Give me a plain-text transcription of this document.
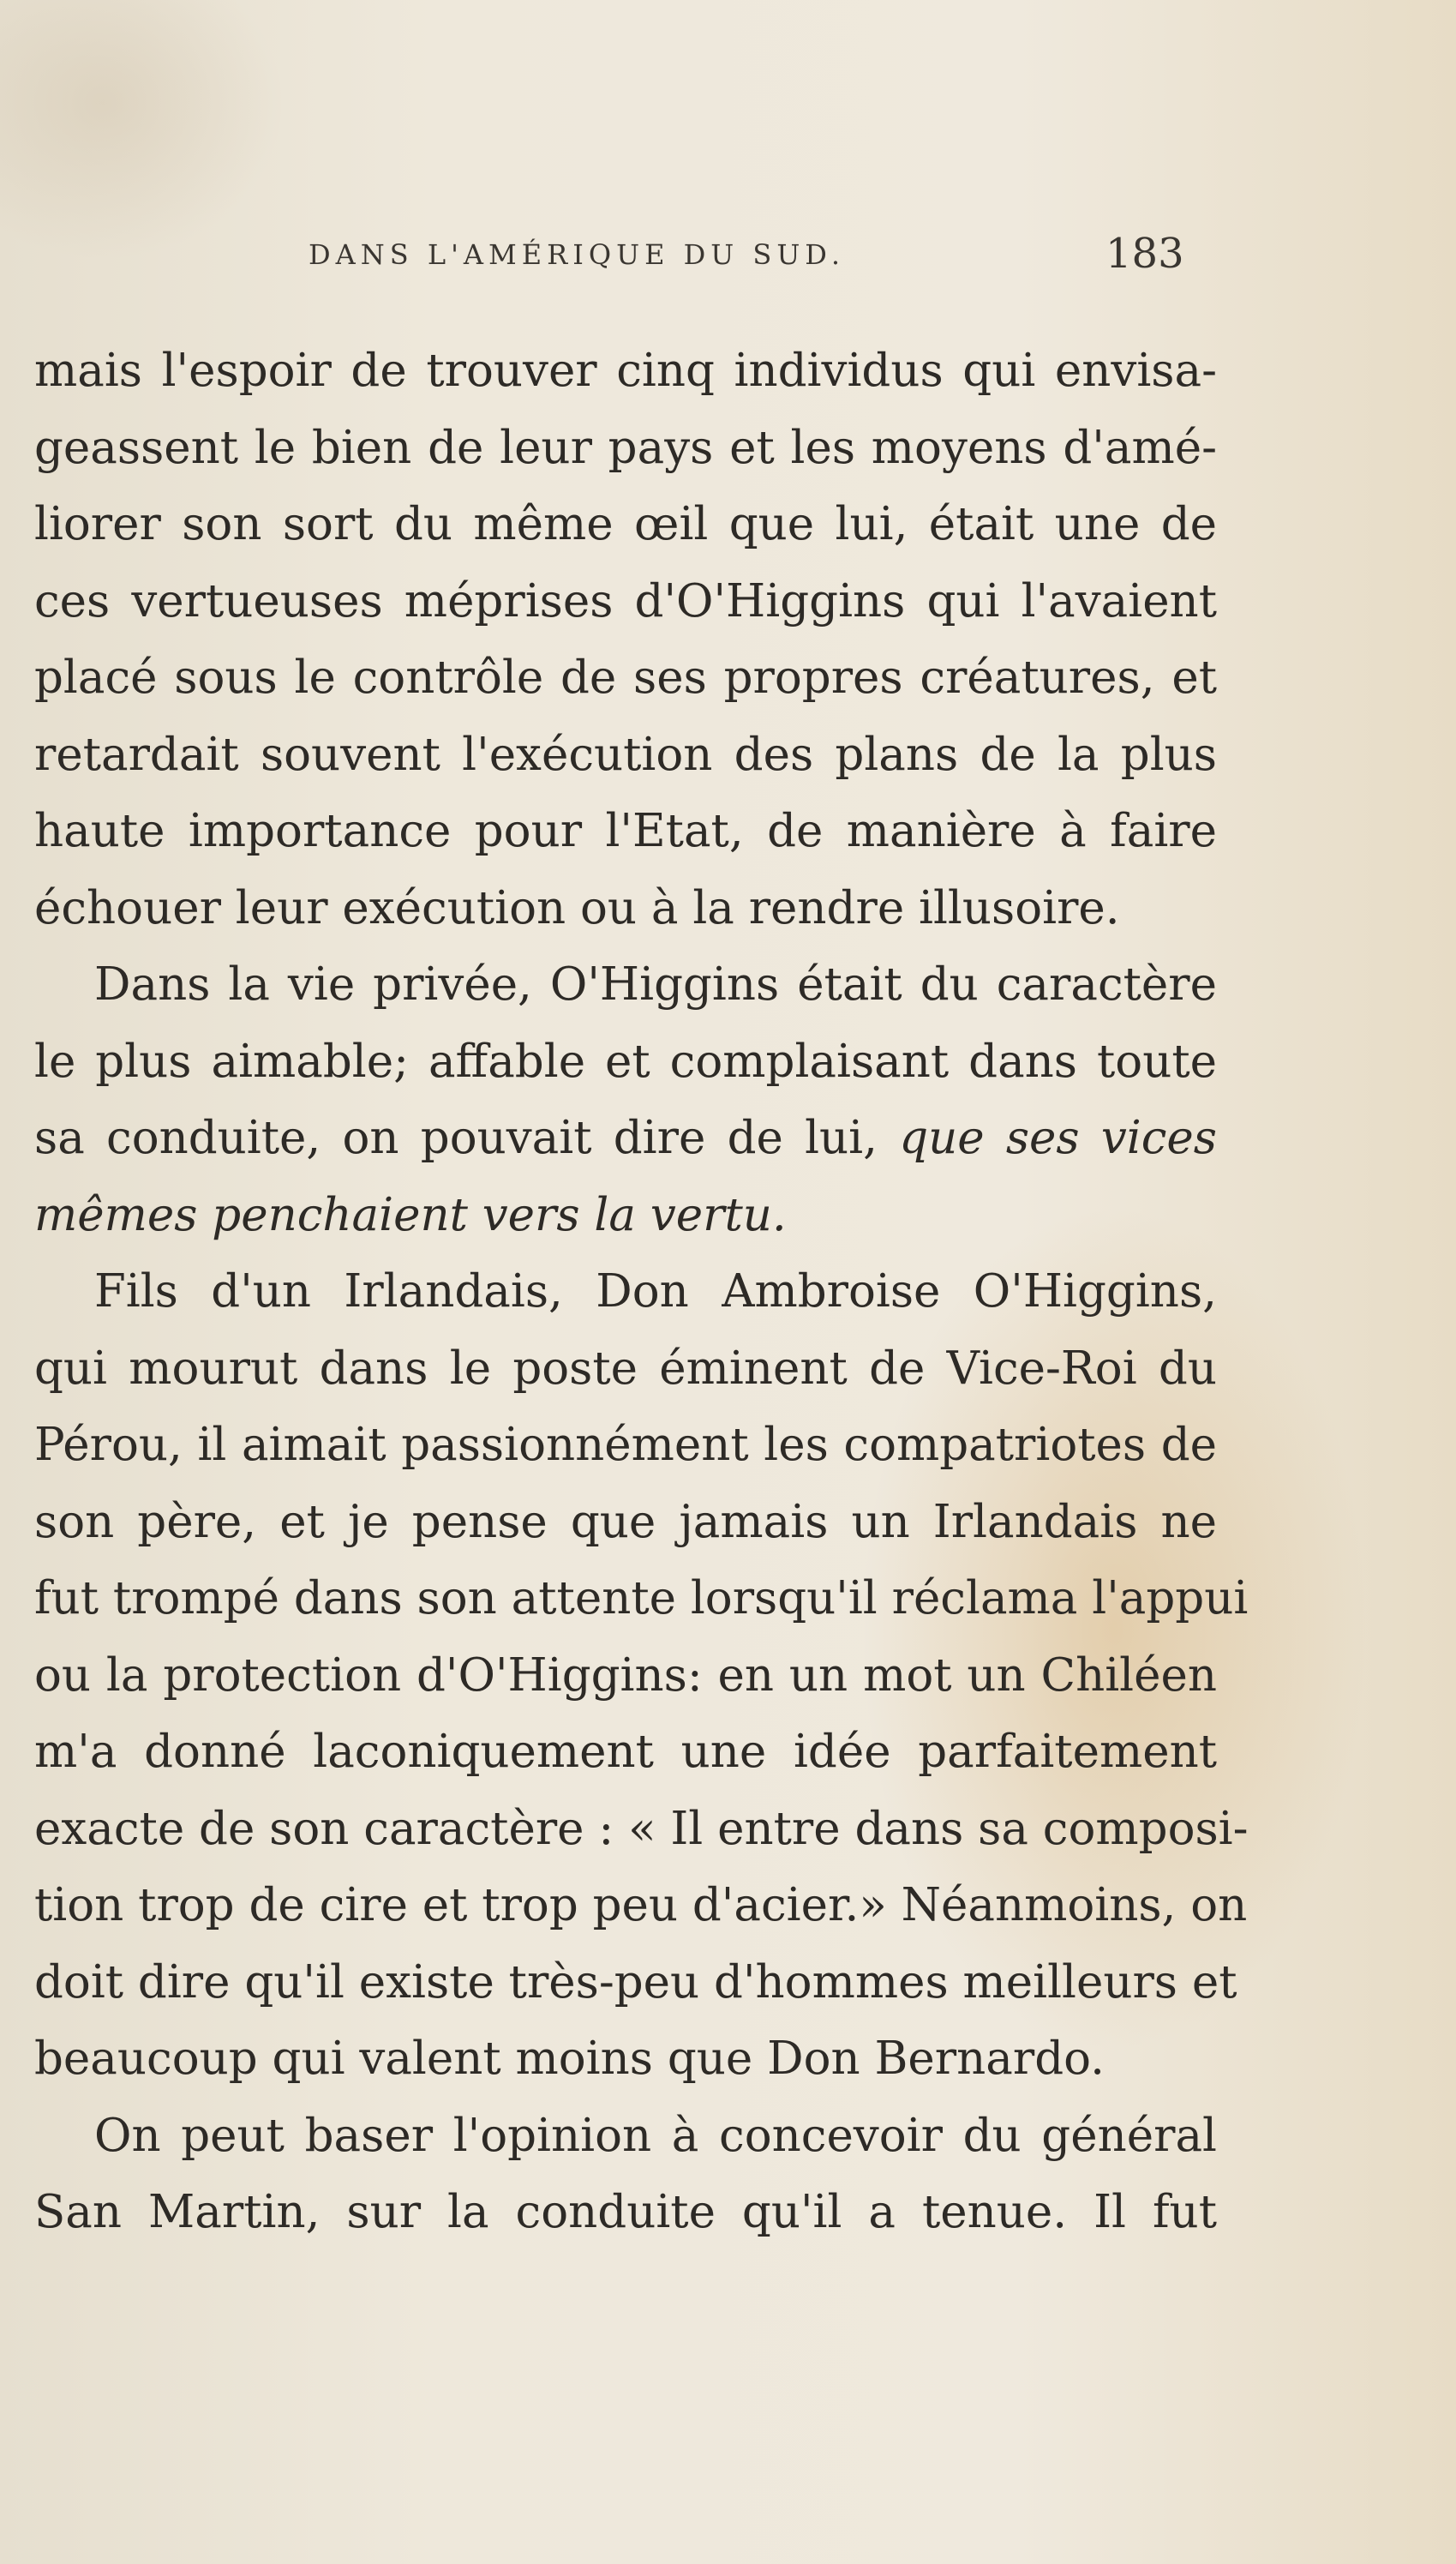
DANS L'AMÉRIQUE DU SUD.	183
mais l'espoir de trouver cinq individus qui envisa-
geassent le bien de leur pays et les moyens d'amé-
liorer son sort du même œil que lui, était une de
ces vertueuses méprises d'O'Higgins qui l'avaient
placé sous le contrôle de ses propres créatures, et
retardait souvent l'exécution des plans de la plus
haute importance pour l'Etat, de manière à faire
échouer leur exécution ou à la rendre illusoire.
Dans la vie privée, O'Higgins était du caractère
le plus aimable; affable et complaisant dans toute
sa conduite, on pouvait dire de lui, que ses vices
mêmes penchaient vers la vertu.
Fils d'un Irlandais, Don Ambroise O'Higgins,
qui mourut dans le poste éminent de Vice-Roi du
Pérou, il aimait passionnément les compatriotes de
son père, et je pense que jamais un Irlandais ne
fut trompé dans son attente lorsqu'il réclama l'appui
ou la protection d'O'Higgins: en un mot un Chiléen
m'a donné laconiquement une idée parfaitement
exacte de son caractère : « Il entre dans sa composi-
tion trop de cire et trop peu d'acier.» Néanmoins, on
doit dire qu'il existe très-peu d'hommes meilleurs et
beaucoup qui valent moins que Don Bernardo.
On peut baser l'opinion à concevoir du général
San Martin, sur la conduite qu'il a tenue. Il fut
